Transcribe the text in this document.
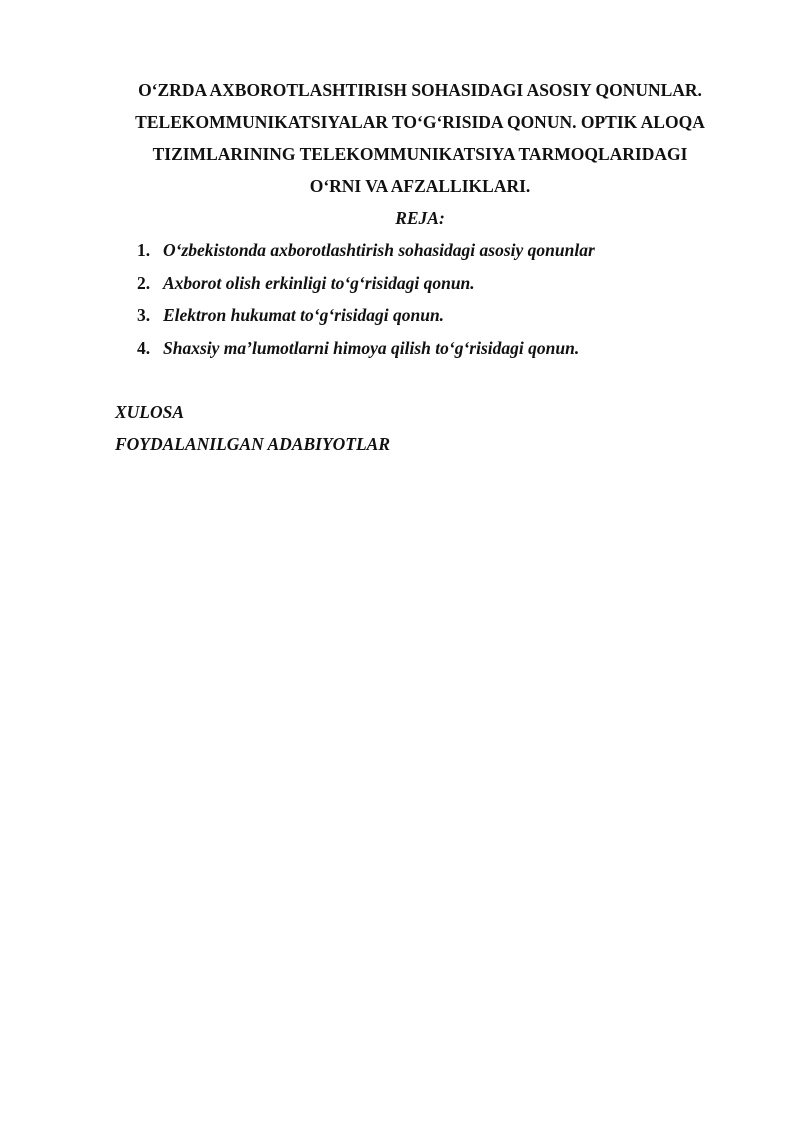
O‘ZRDA AXBOROTLASHTIRISH SOHASIDAGI ASOSIY QONUNLAR.
TELEKOMMUNIKATSIYALAR TO‘G‘RISIDA QONUN. OPTIK ALOQA
TIZIMLARINING TELEKOMMUNIKATSIYA TARMOQLARIDAGI
O‘RNI VA AFZALLIKLARI.
REJA:
1. O‘zbekistonda axborotlashtirish sohasidagi asosiy qonunlar
2. Axborot olish erkinligi to‘g‘risidagi qonun.
3. Elektron hukumat to‘g‘risidagi qonun.
4. Shaxsiy ma’lumotlarni himoya qilish to‘g‘risidagi qonun.
XULOSA
FOYDALANILGAN ADABIYOTLAR
